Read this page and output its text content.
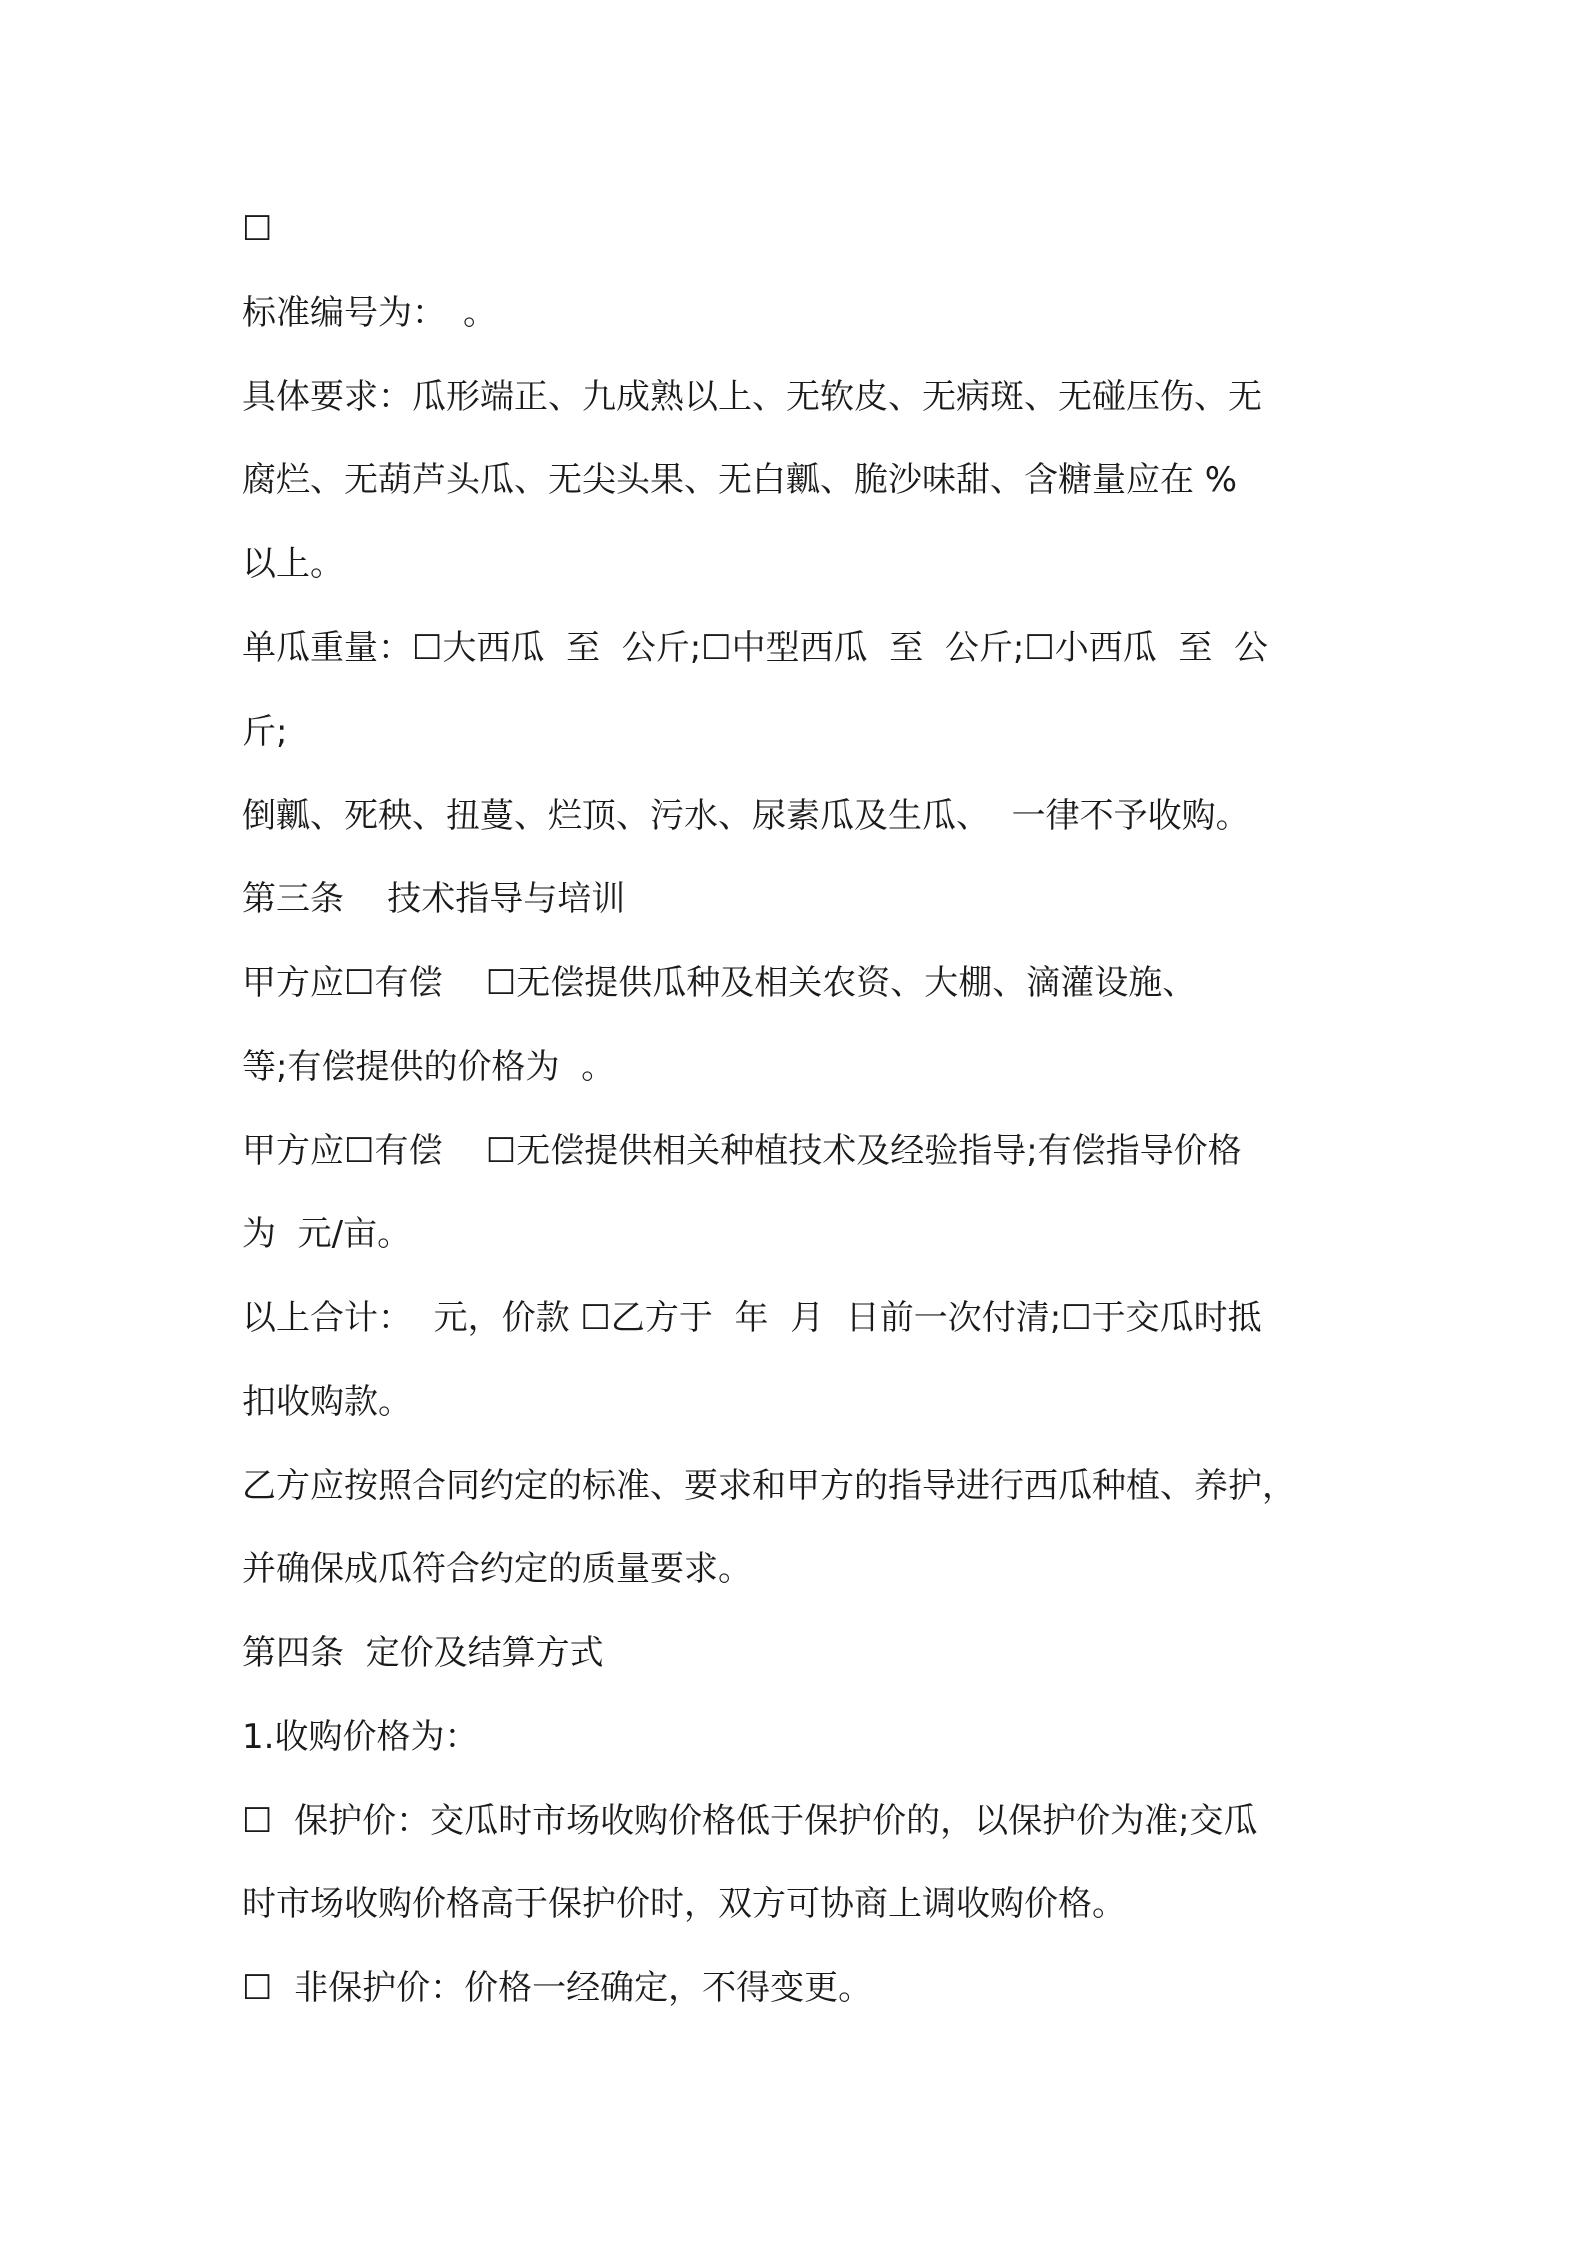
☐
标准编号为：　。
具体要求：瓜形端正、九成熟以上、无软皮、无病斑、无碰压伤、无
腐烂、无葫芦头瓜、无尖头果、无白瓤、脆沙味甜、含糖量应在 %
以上。
单瓜重量：☐大西瓜  至  公斤;☐中型西瓜  至  公斤;☐小西瓜  至  公
斤;
倒瓤、死秧、扭蔓、烂顶、污水、尿素瓜及生瓜、  一律不予收购。
第三条    技术指导与培训
甲方应☐有偿    ☐无偿提供瓜种及相关农资、大棚、滴灌设施、
等;有偿提供的价格为  。
甲方应☐有偿    ☐无偿提供相关种植技术及经验指导;有偿指导价格
为  元/亩。
以上合计：  元，价款 ☐乙方于  年  月  日前一次付清;☐于交瓜时抵
扣收购款。
乙方应按照合同约定的标准、要求和甲方的指导进行西瓜种植、养护，
并确保成瓜符合约定的质量要求。
第四条  定价及结算方式
1.收购价格为：
☐  保护价：交瓜时市场收购价格低于保护价的，以保护价为准;交瓜
时市场收购价格高于保护价时，双方可协商上调收购价格。
☐  非保护价：价格一经确定，不得变更。
